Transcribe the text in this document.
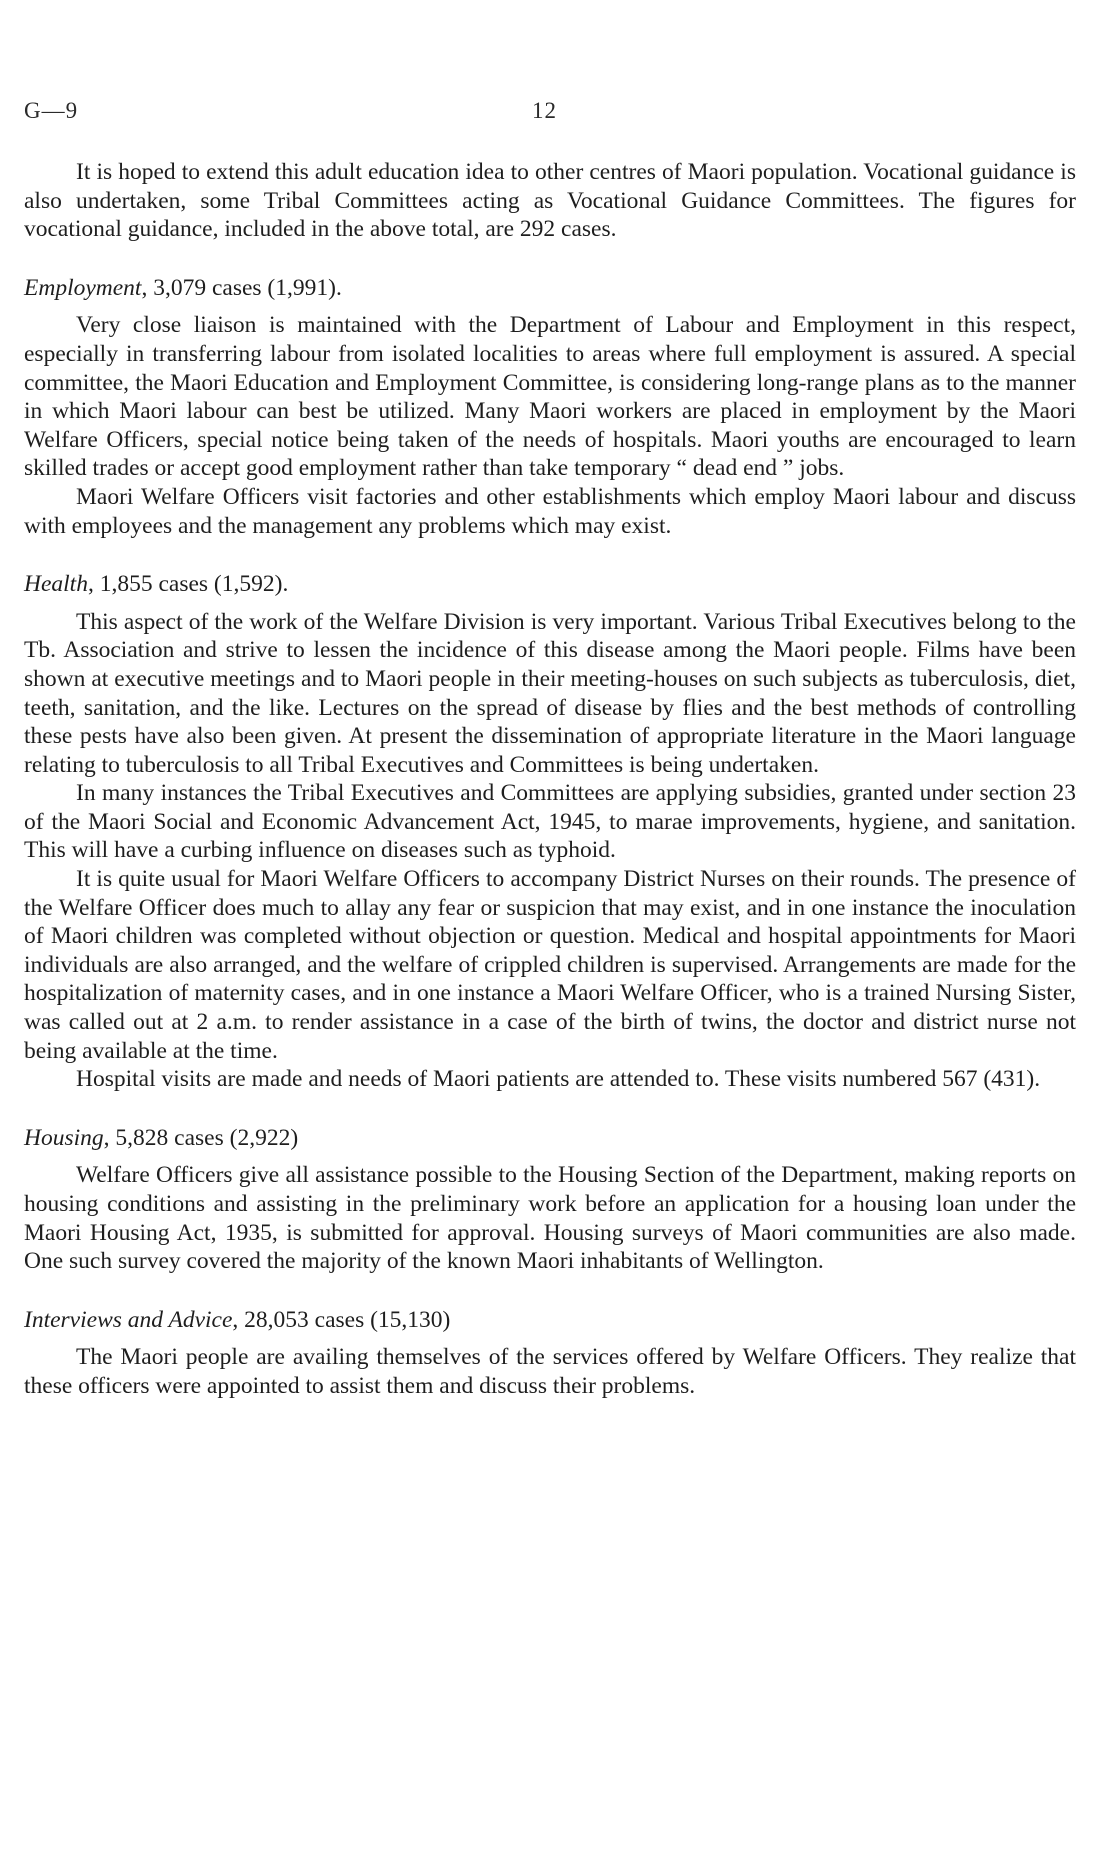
G—9	12

It is hoped to extend this adult education idea to other centres of Maori population. Vocational guidance is also undertaken, some Tribal Committees acting as Vocational Guidance Committees. The figures for vocational guidance, included in the above total, are 292 cases.

Employment, 3,079 cases (1,991).

Very close liaison is maintained with the Department of Labour and Employment in this respect, especially in transferring labour from isolated localities to areas where full employment is assured. A special committee, the Maori Education and Employment Committee, is considering long-range plans as to the manner in which Maori labour can best be utilized. Many Maori workers are placed in employment by the Maori Welfare Officers, special notice being taken of the needs of hospitals. Maori youths are encouraged to learn skilled trades or accept good employment rather than take temporary “ dead end ” jobs.

Maori Welfare Officers visit factories and other establishments which employ Maori labour and discuss with employees and the management any problems which may exist.

Health, 1,855 cases (1,592).

This aspect of the work of the Welfare Division is very important. Various Tribal Executives belong to the Tb. Association and strive to lessen the incidence of this disease among the Maori people. Films have been shown at executive meetings and to Maori people in their meeting-houses on such subjects as tuberculosis, diet, teeth, sanitation, and the like. Lectures on the spread of disease by flies and the best methods of controlling these pests have also been given. At present the dissemination of appropriate literature in the Maori language relating to tuberculosis to all Tribal Executives and Committees is being undertaken.

In many instances the Tribal Executives and Committees are applying subsidies, granted under section 23 of the Maori Social and Economic Advancement Act, 1945, to marae improvements, hygiene, and sanitation. This will have a curbing influence on diseases such as typhoid.

It is quite usual for Maori Welfare Officers to accompany District Nurses on their rounds. The presence of the Welfare Officer does much to allay any fear or suspicion that may exist, and in one instance the inoculation of Maori children was completed without objection or question. Medical and hospital appointments for Maori individuals are also arranged, and the welfare of crippled children is supervised. Arrangements are made for the hospitalization of maternity cases, and in one instance a Maori Welfare Officer, who is a trained Nursing Sister, was called out at 2 a.m. to render assistance in a case of the birth of twins, the doctor and district nurse not being available at the time.

Hospital visits are made and needs of Maori patients are attended to. These visits numbered 567 (431).

Housing, 5,828 cases (2,922)

Welfare Officers give all assistance possible to the Housing Section of the Department, making reports on housing conditions and assisting in the preliminary work before an application for a housing loan under the Maori Housing Act, 1935, is submitted for approval. Housing surveys of Maori communities are also made. One such survey covered the majority of the known Maori inhabitants of Wellington.

Interviews and Advice, 28,053 cases (15,130)

The Maori people are availing themselves of the services offered by Welfare Officers. They realize that these officers were appointed to assist them and discuss their problems.
